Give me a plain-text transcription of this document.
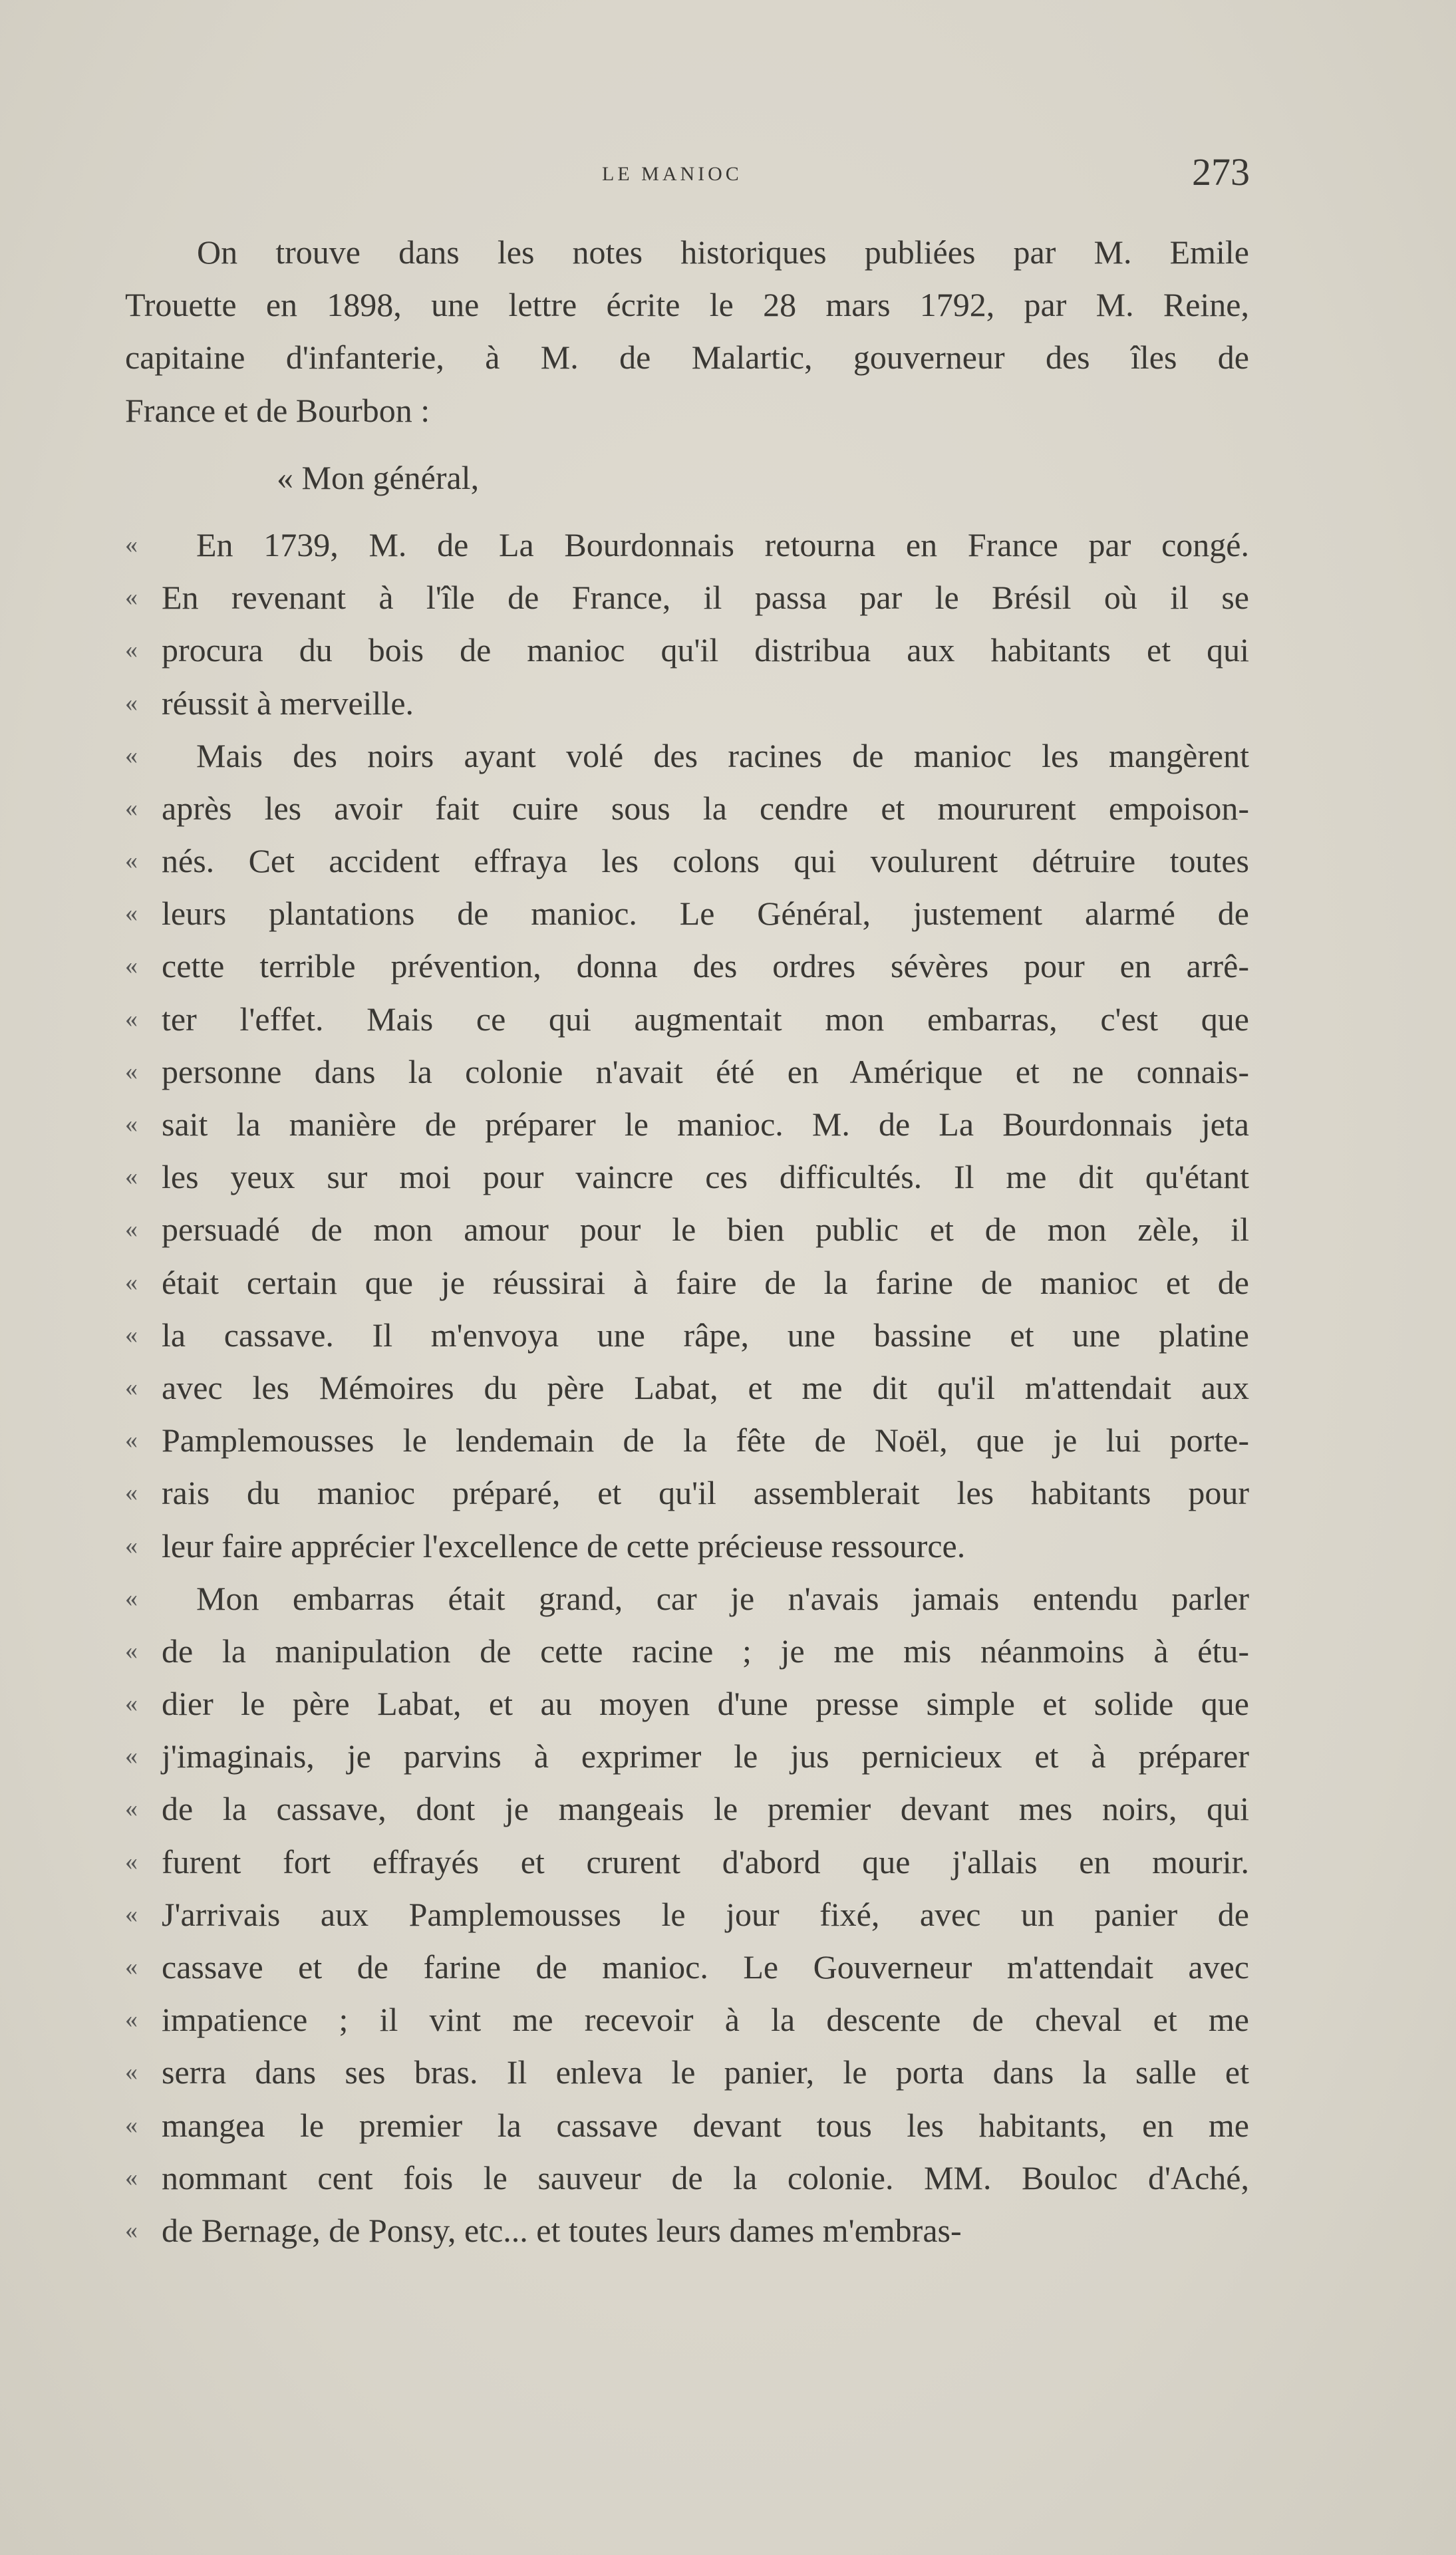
LE MANIOC	273
On trouve dans les notes historiques publiées par M. Emile
Trouette en 1898, une lettre écrite le 28 mars 1792, par M. Reine,
capitaine d'infanterie, à M. de Malartic, gouverneur des îles de
France et de Bourbon :
« Mon général,
«	En 1739, M. de La Bourdonnais retourna en France par congé.
« En revenant à l'île de France, il passa par le Brésil où il se
« procura du bois de manioc qu'il distribua aux habitants et qui
« réussit à merveille.
«	Mais des noirs ayant volé des racines de manioc les mangèrent
« après les avoir fait cuire sous la cendre et moururent empoison-
« nés. Cet accident effraya les colons qui voulurent détruire toutes
« leurs plantations de manioc. Le Général, justement alarmé de
« cette terrible prévention, donna des ordres sévères pour en arrê-
« ter l'effet. Mais ce qui augmentait mon embarras, c'est que
« personne dans la colonie n'avait été en Amérique et ne connais-
« sait la manière de préparer le manioc. M. de La Bourdonnais jeta
« les yeux sur moi pour vaincre ces difficultés. Il me dit qu'étant
« persuadé de mon amour pour le bien public et de mon zèle, il
« était certain que je réussirai à faire de la farine de manioc et de
« la cassave. Il m'envoya une râpe, une bassine et une platine
« avec les Mémoires du père Labat, et me dit qu'il m'attendait aux
« Pamplemousses le lendemain de la fête de Noël, que je lui porte-
« rais du manioc préparé, et qu'il assemblerait les habitants pour
« leur faire apprécier l'excellence de cette précieuse ressource.
«	Mon embarras était grand, car je n'avais jamais entendu parler
« de la manipulation de cette racine ; je me mis néanmoins à étu-
« dier le père Labat, et au moyen d'une presse simple et solide que
« j'imaginais, je parvins à exprimer le jus pernicieux et à préparer
« de la cassave, dont je mangeais le premier devant mes noirs, qui
« furent fort effrayés et crurent d'abord que j'allais en mourir.
« J'arrivais aux Pamplemousses le jour fixé, avec un panier de
« cassave et de farine de manioc. Le Gouverneur m'attendait avec
« impatience ; il vint me recevoir à la descente de cheval et me
« serra dans ses bras. Il enleva le panier, le porta dans la salle et
« mangea le premier la cassave devant tous les habitants, en me
« nommant cent fois le sauveur de la colonie. MM. Bouloc d'Aché,
« de Bernage, de Ponsy, etc... et toutes leurs dames m'embras-
